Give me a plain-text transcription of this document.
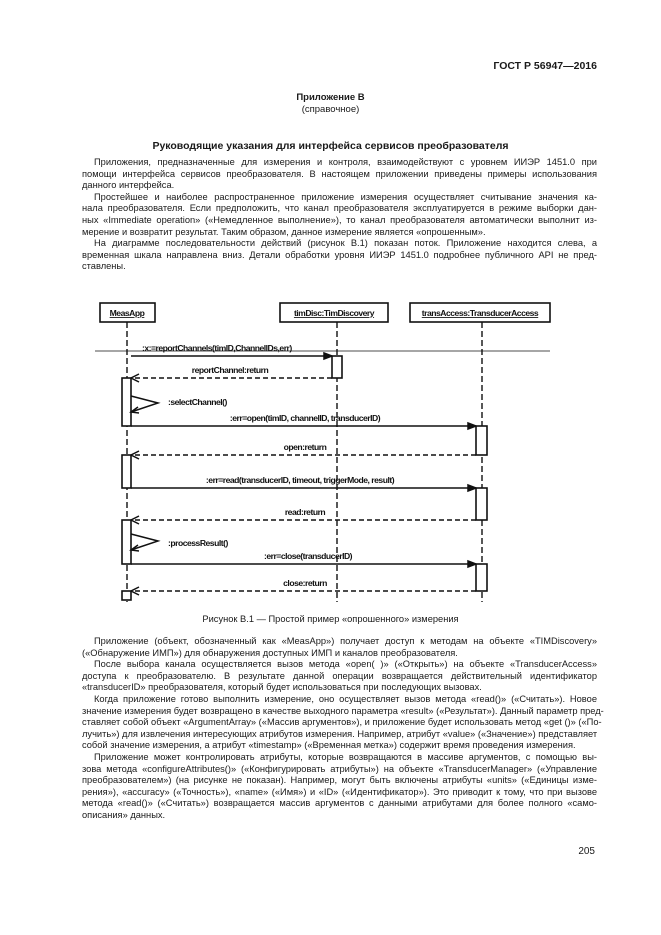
ГОСТ Р 56947—2016
Приложение В
(справочное)
Руководящие указания для интерфейса сервисов преобразователя
Приложения, предназначенные для измерения и контроля, взаимодействуют с уровнем ИИЭР 1451.0 при
помощи интерфейса сервисов преобразователя. В настоящем приложении приведены примеры использования
данного интерфейса.
Простейшее и наиболее распространенное приложение измерения осуществляет считывание значения ка-
нала преобразователя. Если предположить, что канал преобразователя эксплуатируется в режиме выборки дан-
ных «Immediate operation» («Немедленное выполнение»), то канал преобразователя автоматически выполнит из-
мерение и возвратит результат. Таким образом, данное измерение является «опрошенным».
На диаграмме последовательности действий (рисунок В.1) показан поток. Приложение находится слева, а
временная шкала направлена вниз. Детали обработки уровня ИИЭР 1451.0 подробнее публичного API не пред-
ставлены.
MeasApp	timDisc:TimDiscovery	transAccess:TransducerAccess
:x:=reportChannels(timID,ChannelIDs,err)
reportChannel:return
:selectChannel()
:err=open(timID, channelID, transducerID)
open:return
:err=read(transducerID, timeout, triggerMode, result)
read:return
:processResult()
:err=close(transducerID)
close:return
Рисунок В.1 — Простой пример «опрошенного» измерения
Приложение (объект, обозначенный как «MeasApp») получает доступ к методам на объекте «TIMDiscovery»
(«Обнаружение ИМП») для обнаружения доступных ИМП и каналов преобразователя.
После выбора канала осуществляется вызов метода «open( )» («Открыть») на объекте «TransducerAccess»
доступа к преобразователю. В результате данной операции возвращается действительный идентификатор
«transducerID» преобразователя, который будет использоваться при последующих вызовах.
Когда приложение готово выполнить измерение, оно осуществляет вызов метода «read()» («Считать»). Новое
значение измерения будет возвращено в качестве выходного параметра «result» («Результат»). Данный параметр пред-
ставляет собой объект «ArgumentArray» («Массив аргументов»), и приложение будет использовать метод «get ()» («По-
лучить») для извлечения интересующих атрибутов измерения. Например, атрибут «value» («Значение») представляет
собой значение измерения, а атрибут «timestamp» («Временная метка») содержит время проведения измерения.
Приложение может контролировать атрибуты, которые возвращаются в массиве аргументов, с помощью вы-
зова метода «configureAttributes()» («Конфигурировать атрибуты») на объекте «TransducerManager» («Управление
преобразователем») (на рисунке не показан). Например, могут быть включены атрибуты «units» («Единицы изме-
рения»), «accuracy» («Точность»), «name» («Имя») и «ID» («Идентификатор»). Это приводит к тому, что при вызове
метода «read()» («Считать») возвращается массив аргументов с данными атрибутами для более полного «само-
описания» данных.
205
